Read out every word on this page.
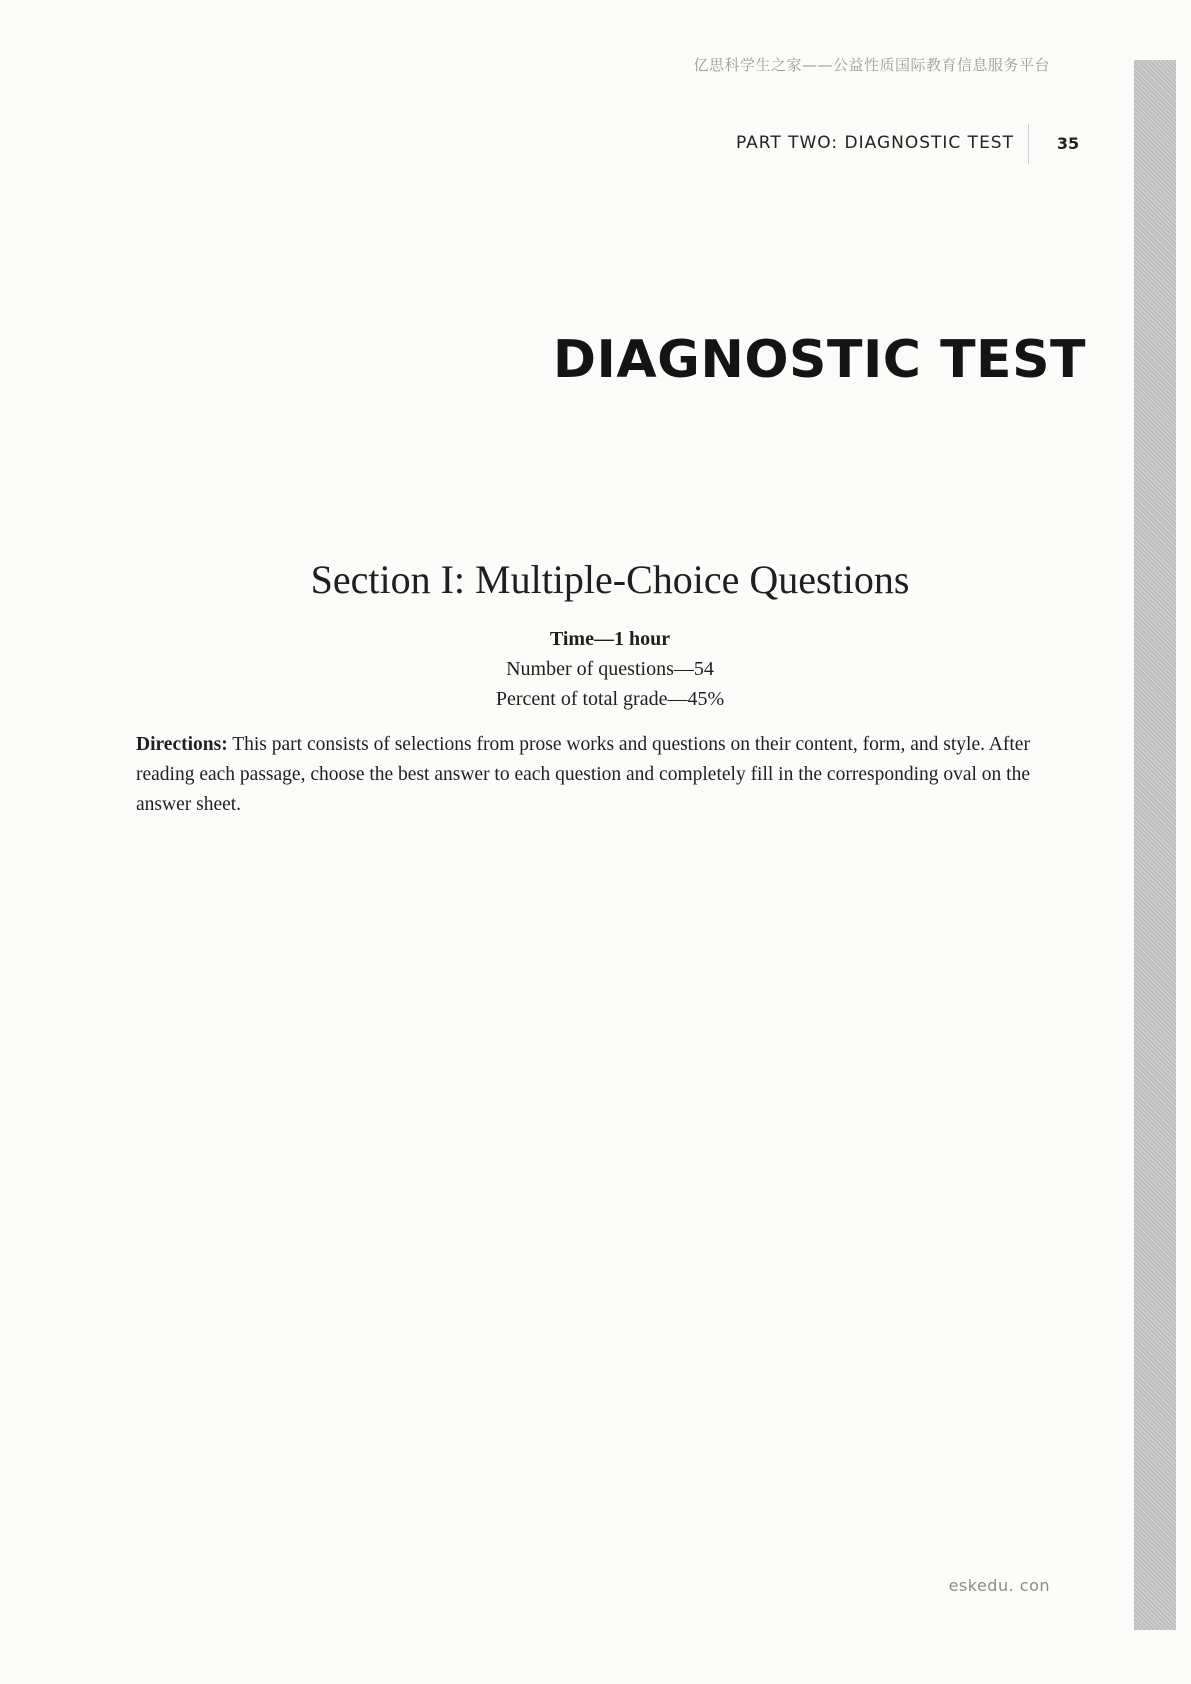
亿思科学生之家——公益性质国际教育信息服务平台
PART TWO: DIAGNOSTIC TEST	35
DIAGNOSTIC TEST
Section I: Multiple-Choice Questions
Time—1 hour
Number of questions—54
Percent of total grade—45%
Directions: This part consists of selections from prose works and questions on their content, form, and style. After reading each passage, choose the best answer to each question and completely fill in the corresponding oval on the answer sheet.
eskedu. con
